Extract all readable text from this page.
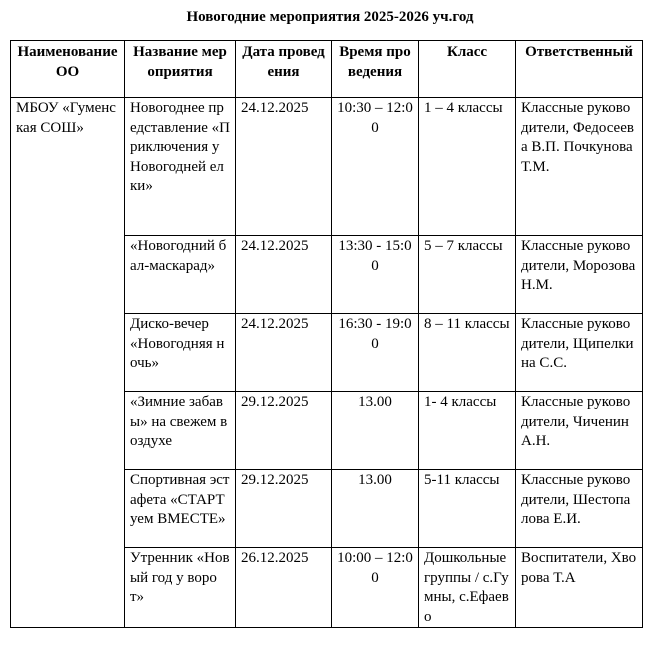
Новогодние мероприятия 2025-2026 уч.год
Наименование ОО	Название мероприятия	Дата проведения	Время проведения	Класс	Ответственный
МБОУ «Гуменская СОШ»	Новогоднее представление «Приключения у Новогодней елки»	24.12.2025	10:30 – 12:00	1 – 4 классы	Классные руководители, Федосеева В.П. Почкунова Т.М.
	«Новогодний бал-маскарад»	24.12.2025	13:30 - 15:00	5 – 7 классы	Классные руководители, Морозова Н.М.
	Диско-вечер «Новогодняя ночь»	24.12.2025	16:30 - 19:00	8 – 11 классы	Классные руководители, Щипелкина С.С.
	«Зимние забавы» на свежем воздухе	29.12.2025	13.00	1- 4 классы	Классные руководители, Чиченин А.Н.
	Спортивная эстафета «СТАРТуем ВМЕСТЕ»	29.12.2025	13.00	5-11 классы	Классные руководители, Шестопалова Е.И.
	Утренник «Новый год у ворот»	26.12.2025	10:00 – 12:00	Дошкольные группы / с.Гумны, с.Ефаево	Воспитатели, Хворова Т.А
